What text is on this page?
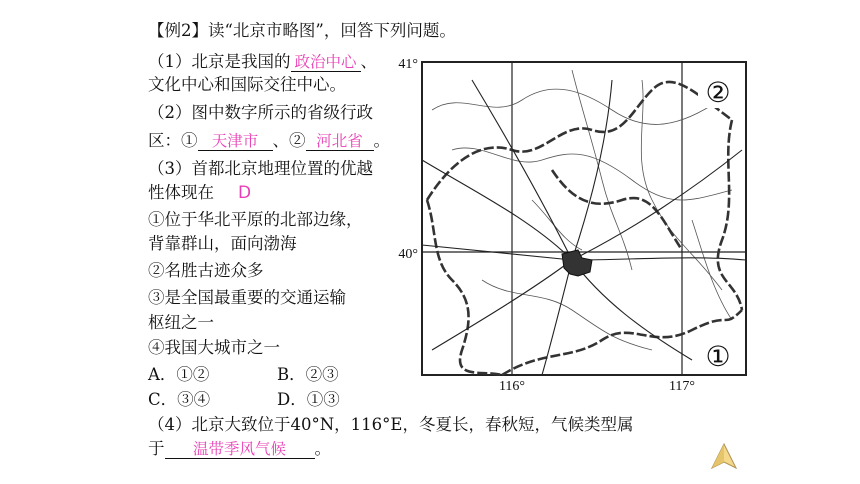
【例2】读“北京市略图”，回答下列问题。
（1）北京是我国的 政治中心 、
文化中心和国际交往中心。
（2）图中数字所示的省级行政
区：① 天津市 、② 河北省 。
（3）首都北京地理位置的优越
性体现在 D
①位于华北平原的北部边缘，
背靠群山，面向渤海
②名胜古迹众多
③是全国最重要的交通运输
枢纽之一
④我国大城市之一
A．①②	B．②③
C．③④	D．①③
（4）北京大致位于40°N，116°E，冬夏长，春秋短，气候类型属
于 温带季风气候 。
41°
40°
116°	117°
②
①
